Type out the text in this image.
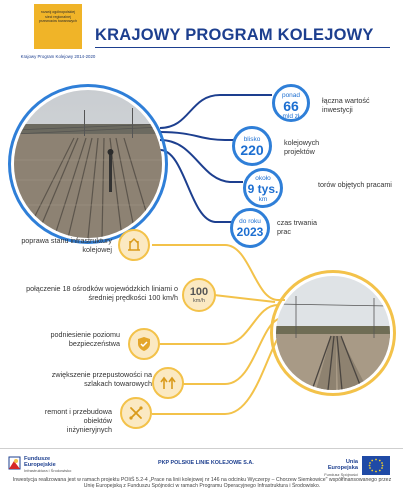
rozwój ogólnopolskiej sieci regionalnej przewozów towarowych
Krajowy Program Kolejowy 2014-2020
KRAJOWY PROGRAM KOLEJOWY
ponad
66
mld zł
łączna wartość inwestycji
blisko
220	kolejowych projektów
około
9 tys.
km
torów objętych pracami
do roku
2023
czas trwania prac
poprawa stanu infrastruktury kolejowej
połączenie 18 ośrodków wojewódzkich liniami o średniej prędkości 100 km/h 100
km/h
podniesienie poziomu bezpieczeństwa
zwiększenie przepustowości na szlakach towarowych
remont i przebudowa obiektów inżynieryjnych
Fundusze Europejskie
Infrastruktura i Środowisko
PKP POLSKIE LINIE KOLEJOWE S.A.	Unia Europejska
Fundusz Spójności
Inwestycja realizowana jest w ramach projektu POIiŚ 5.2-4 „Prace na linii kolejowej nr 146 na odcinku Wyczerpy – Chorzew Siemkowice" współfinansowanego przez Unię Europejską z Funduszu Spójności w ramach Programu Operacyjnego Infrastruktura i Środowisko.
